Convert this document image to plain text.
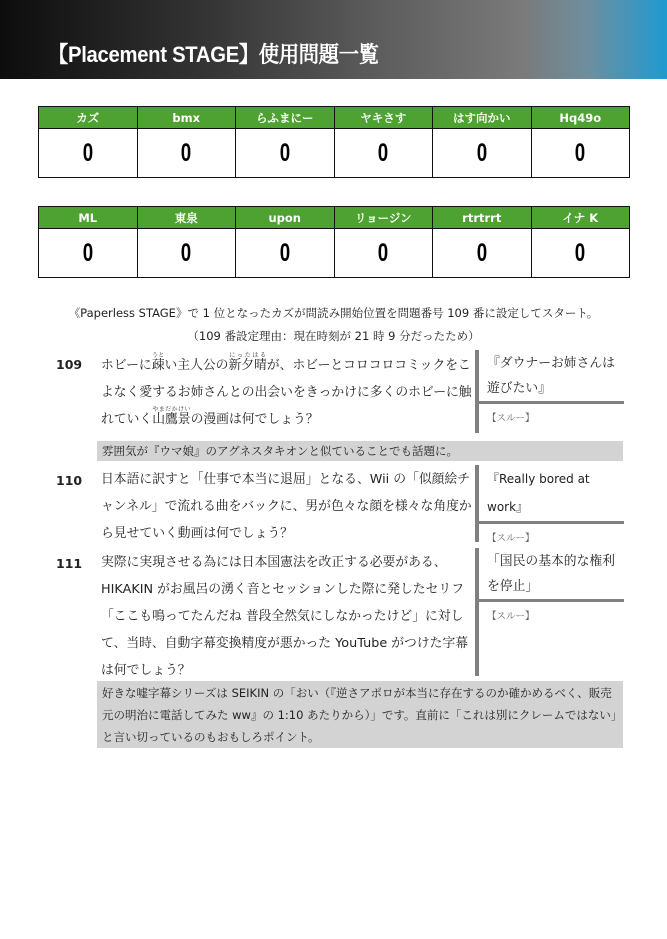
【Placement STAGE】使用問題一覧
カズ	bmx	らふまにー	ヤキさす	はす向かい	Hq49o
0	0	0	0	0	0
ML	東泉	upon	リョージン	rtrtrrt	イナ K
0	0	0	0	0	0
《Paperless STAGE》で 1 位となったカズが問読み開始位置を問題番号 109 番に設定してスタート。
（109 番設定理由：現在時刻が 21 時 9 分だったため）
109 ホビーに疎うとい主人公の新夕晴にったはるが、ホビーとコロコロコミックをこよなく愛するお姉さんとの出会いをきっかけに多くのホビーに触れていく山鷹景やまだかけいの漫画は何でしょう？
『ダウナーお姉さんは遊びたい』
【スルー】
雰囲気が『ウマ娘』のアグネスタキオンと似ていることでも話題に。
110 日本語に訳すと「仕事で本当に退屈」となる、Wii の「似顔絵チャンネル」で流れる曲をバックに、男が色々な顔を様々な角度から見せていく動画は何でしょう？
『Really bored at work』
【スルー】
111 実際に実現させる為には日本国憲法を改正する必要がある、HIKAKIN がお風呂の湧く音とセッションした際に発したセリフ「ここも鳴ってたんだね 普段全然気にしなかったけど」に対して、当時、自動字幕変換精度が悪かった YouTube がつけた字幕は何でしょう？
「国民の基本的な権利を停止」
【スルー】
好きな嘘字幕シリーズは SEIKIN の「おい（『逆さアポロが本当に存在するのか確かめるべく、販売元の明治に電話してみた ww』の 1:10 あたりから）」です。直前に「これは別にクレームではない」と言い切っているのもおもしろポイント。
